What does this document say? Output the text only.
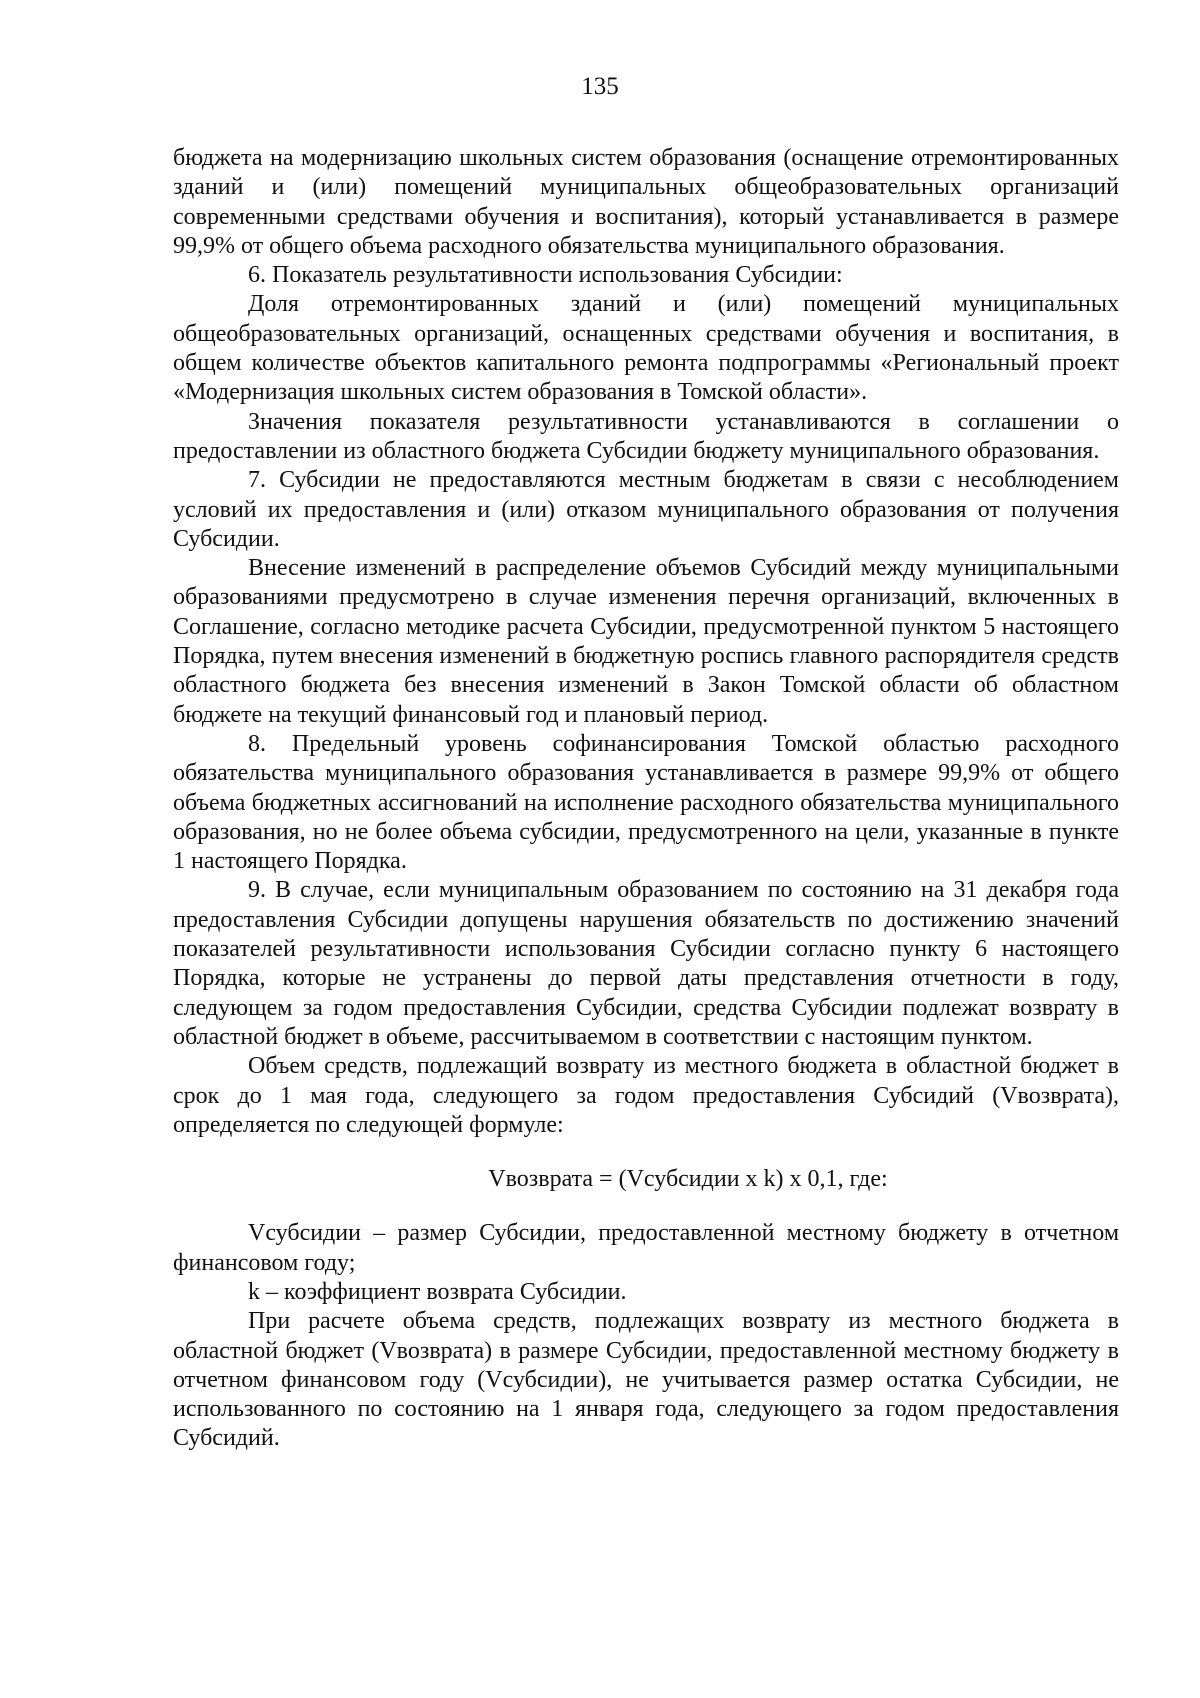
135

бюджета на модернизацию школьных систем образования (оснащение отремонтированных зданий и (или) помещений муниципальных общеобразовательных организаций современными средствами обучения и воспитания), который устанавливается в размере 99,9% от общего объема расходного обязательства муниципального образования.

6. Показатель результативности использования Субсидии:

Доля отремонтированных зданий и (или) помещений муниципальных общеобразовательных организаций, оснащенных средствами обучения и воспитания, в общем количестве объектов капитального ремонта подпрограммы «Региональный проект «Модернизация школьных систем образования в Томской области».

Значения показателя результативности устанавливаются в соглашении о предоставлении из областного бюджета Субсидии бюджету муниципального образования.

7. Субсидии не предоставляются местным бюджетам в связи с несоблюдением условий их предоставления и (или) отказом муниципального образования от получения Субсидии.

Внесение изменений в распределение объемов Субсидий между муниципальными образованиями предусмотрено в случае изменения перечня организаций, включенных в Соглашение, согласно методике расчета Субсидии, предусмотренной пунктом 5 настоящего Порядка, путем внесения изменений в бюджетную роспись главного распорядителя средств областного бюджета без внесения изменений в Закон Томской области об областном бюджете на текущий финансовый год и плановый период.

8. Предельный уровень софинансирования Томской областью расходного обязательства муниципального образования устанавливается в размере 99,9% от общего объема бюджетных ассигнований на исполнение расходного обязательства муниципального образования, но не более объема субсидии, предусмотренного на цели, указанные в пункте 1 настоящего Порядка.

9. В случае, если муниципальным образованием по состоянию на 31 декабря года предоставления Субсидии допущены нарушения обязательств по достижению значений показателей результативности использования Субсидии согласно пункту 6 настоящего Порядка, которые не устранены до первой даты представления отчетности в году, следующем за годом предоставления Субсидии, средства Субсидии подлежат возврату в областной бюджет в объеме, рассчитываемом в соответствии с настоящим пунктом.

Объем средств, подлежащий возврату из местного бюджета в областной бюджет в срок до 1 мая года, следующего за годом предоставления Субсидий (Vвозврата), определяется по следующей формуле:

Vвозврата = (Vсубсидии x k) x 0,1, где:

Vсубсидии – размер Субсидии, предоставленной местному бюджету в отчетном финансовом году;

k – коэффициент возврата Субсидии.

При расчете объема средств, подлежащих возврату из местного бюджета в областной бюджет (Vвозврата) в размере Субсидии, предоставленной местному бюджету в отчетном финансовом году (Vсубсидии), не учитывается размер остатка Субсидии, не использованного по состоянию на 1 января года, следующего за годом предоставления Субсидий.
